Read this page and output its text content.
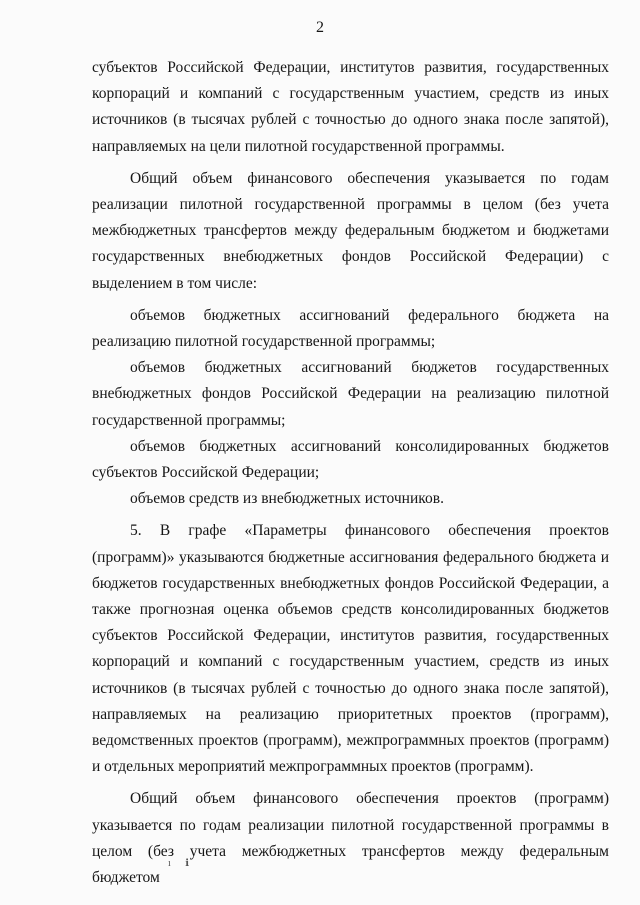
2

субъектов Российской Федерации, институтов развития, государственных корпораций и компаний с государственным участием, средств из иных источников (в тысячах рублей с точностью до одного знака после запятой), направляемых на цели пилотной государственной программы.

Общий объем финансового обеспечения указывается по годам реализации пилотной государственной программы в целом (без учета межбюджетных трансфертов между федеральным бюджетом и бюджетами государственных внебюджетных фондов Российской Федерации) с выделением в том числе:

объемов бюджетных ассигнований федерального бюджета на реализацию пилотной государственной программы;

объемов бюджетных ассигнований бюджетов государственных внебюджетных фондов Российской Федерации на реализацию пилотной государственной программы;

объемов бюджетных ассигнований консолидированных бюджетов субъектов Российской Федерации;

объемов средств из внебюджетных источников.

5. В графе «Параметры финансового обеспечения проектов (программ)» указываются бюджетные ассигнования федерального бюджета и бюджетов государственных внебюджетных фондов Российской Федерации, а также прогнозная оценка объемов средств консолидированных бюджетов субъектов Российской Федерации, институтов развития, государственных корпораций и компаний с государственным участием, средств из иных источников (в тысячах рублей с точностью до одного знака после запятой), направляемых на реализацию приоритетных проектов (программ), ведомственных проектов (программ), межпрограммных проектов (программ) и отдельных мероприятий межпрограммных проектов (программ).

Общий объем финансового обеспечения проектов (программ) указывается по годам реализации пилотной государственной программы в целом (без учета межбюджетных трансфертов между федеральным бюджетом

ı ℹ
